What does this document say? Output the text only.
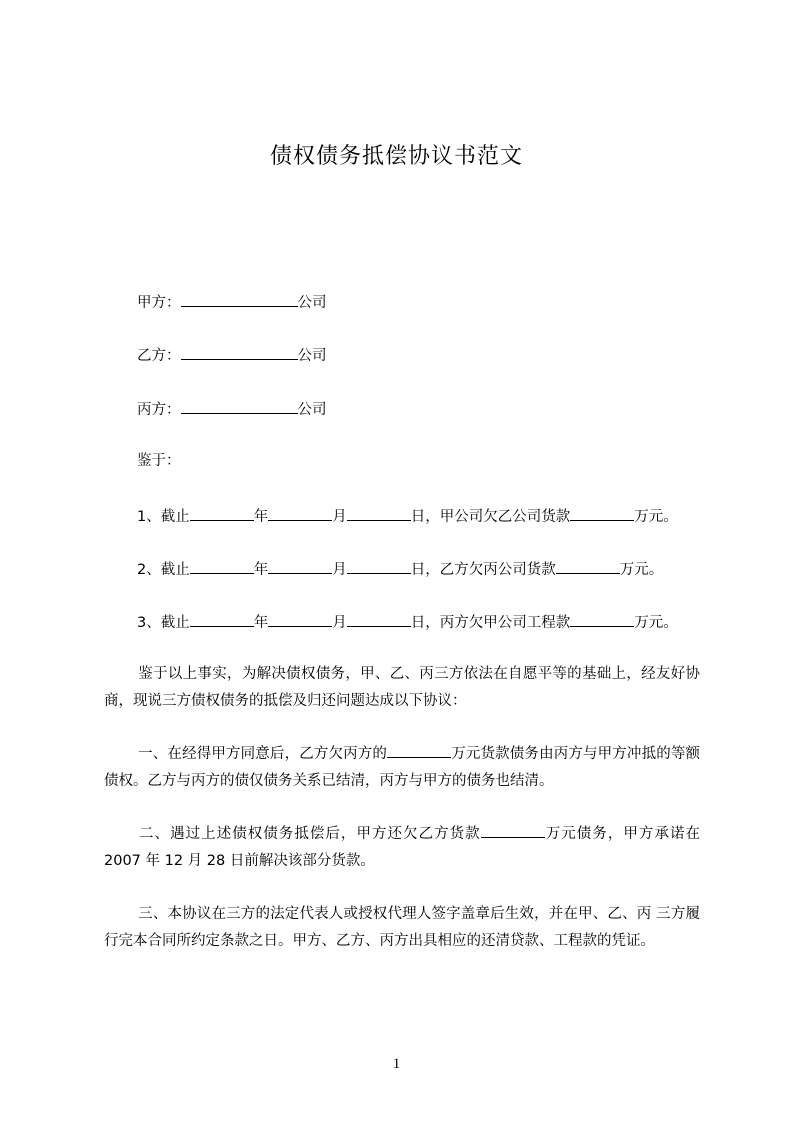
债权债务抵偿协议书范文
甲方：	公司
乙方：	公司
丙方：	公司
鉴于：
1、截止	年	月	日，甲公司欠乙公司货款	万元。
2、截止	年	月	日，乙方欠丙公司货款	万元。
3、截止	年	月	日，丙方欠甲公司工程款	万元。
鉴于以上事实，为解决债权债务，甲、乙、丙三方依法在自愿平等的基础上，经友好协商，现说三方债权债务的抵偿及归还问题达成以下协议：
一、在经得甲方同意后，乙方欠丙方的	万元货款债务由丙方与甲方冲抵的等额债权。乙方与丙方的债仅债务关系已结清，丙方与甲方的债务也结清。
二、遇过上述债权债务抵偿后，甲方还欠乙方货款	万元债务，甲方承诺在 2007 年 12 月 28 日前解决该部分货款。
三、本协议在三方的法定代表人或授权代理人签字盖章后生效，并在甲、乙、丙 三方履行完本合同所约定条款之日。甲方、乙方、丙方出具相应的还清贷款、工程款的凭证。
1
